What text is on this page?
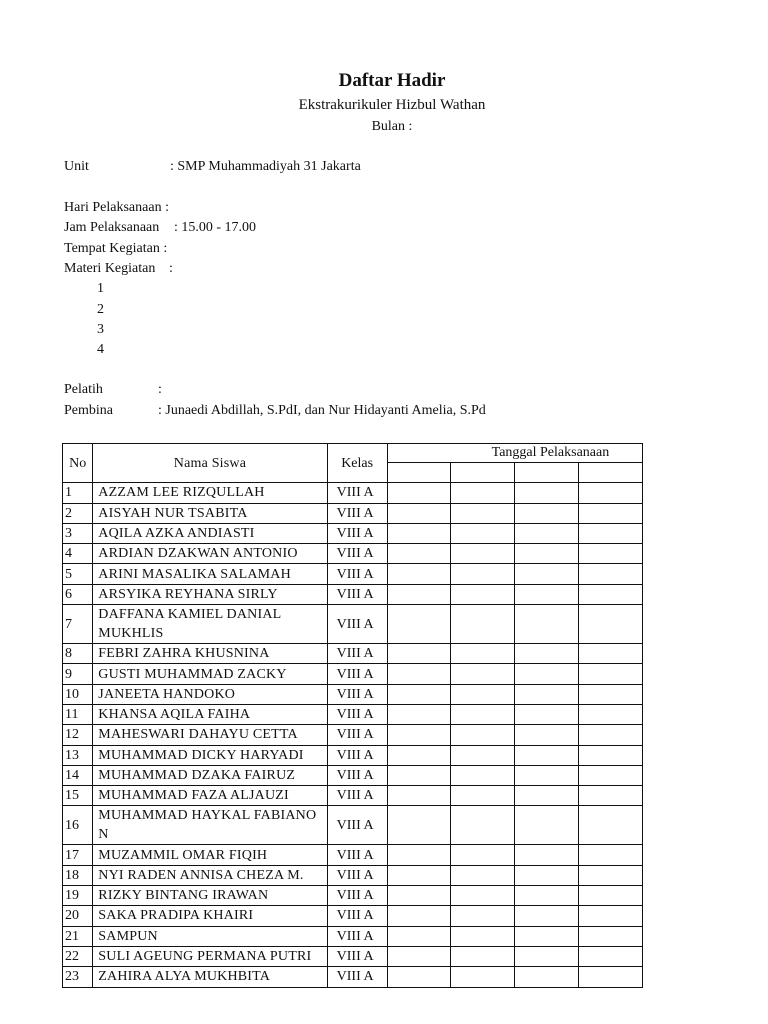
Daftar Hadir
Ekstrakurikuler Hizbul Wathan
Bulan :
Unit	: SMP Muhammadiyah 31 Jakarta
Hari Pelaksanaan :
Jam Pelaksanaan : 15.00 - 17.00
Tempat Kegiatan :
Materi Kegiatan :
1
2
3
4
Pelatih	:
Pembina	: Junaedi Abdillah, S.PdI, dan Nur Hidayanti Amelia, S.Pd
No	Nama Siswa	Kelas	Tanggal Pelaksanaan			

1	AZZAM LEE RIZQULLAH	VIII A				
2	AISYAH NUR TSABITA	VIII A				
3	AQILA AZKA ANDIASTI	VIII A				
4	ARDIAN DZAKWAN ANTONIO	VIII A				
5	ARINI MASALIKA SALAMAH	VIII A				
6	ARSYIKA REYHANA SIRLY	VIII A				
7	DAFFANA KAMIEL DANIAL MUKHLIS	VIII A				
8	FEBRI ZAHRA KHUSNINA	VIII A				
9	GUSTI MUHAMMAD ZACKY	VIII A				
10	JANEETA HANDOKO	VIII A				
11	KHANSA AQILA FAIHA	VIII A				
12	MAHESWARI DAHAYU CETTA	VIII A				
13	MUHAMMAD DICKY HARYADI	VIII A				
14	MUHAMMAD DZAKA FAIRUZ	VIII A				
15	MUHAMMAD FAZA ALJAUZI	VIII A				
16	MUHAMMAD HAYKAL FABIANO N	VIII A				
17	MUZAMMIL OMAR FIQIH	VIII A				
18	NYI RADEN ANNISA CHEZA M.	VIII A				
19	RIZKY BINTANG IRAWAN	VIII A				
20	SAKA PRADIPA KHAIRI	VIII A				
21	SAMPUN	VIII A				
22	SULI AGEUNG PERMANA PUTRI	VIII A				
23	ZAHIRA ALYA MUKHBITA	VIII A				
